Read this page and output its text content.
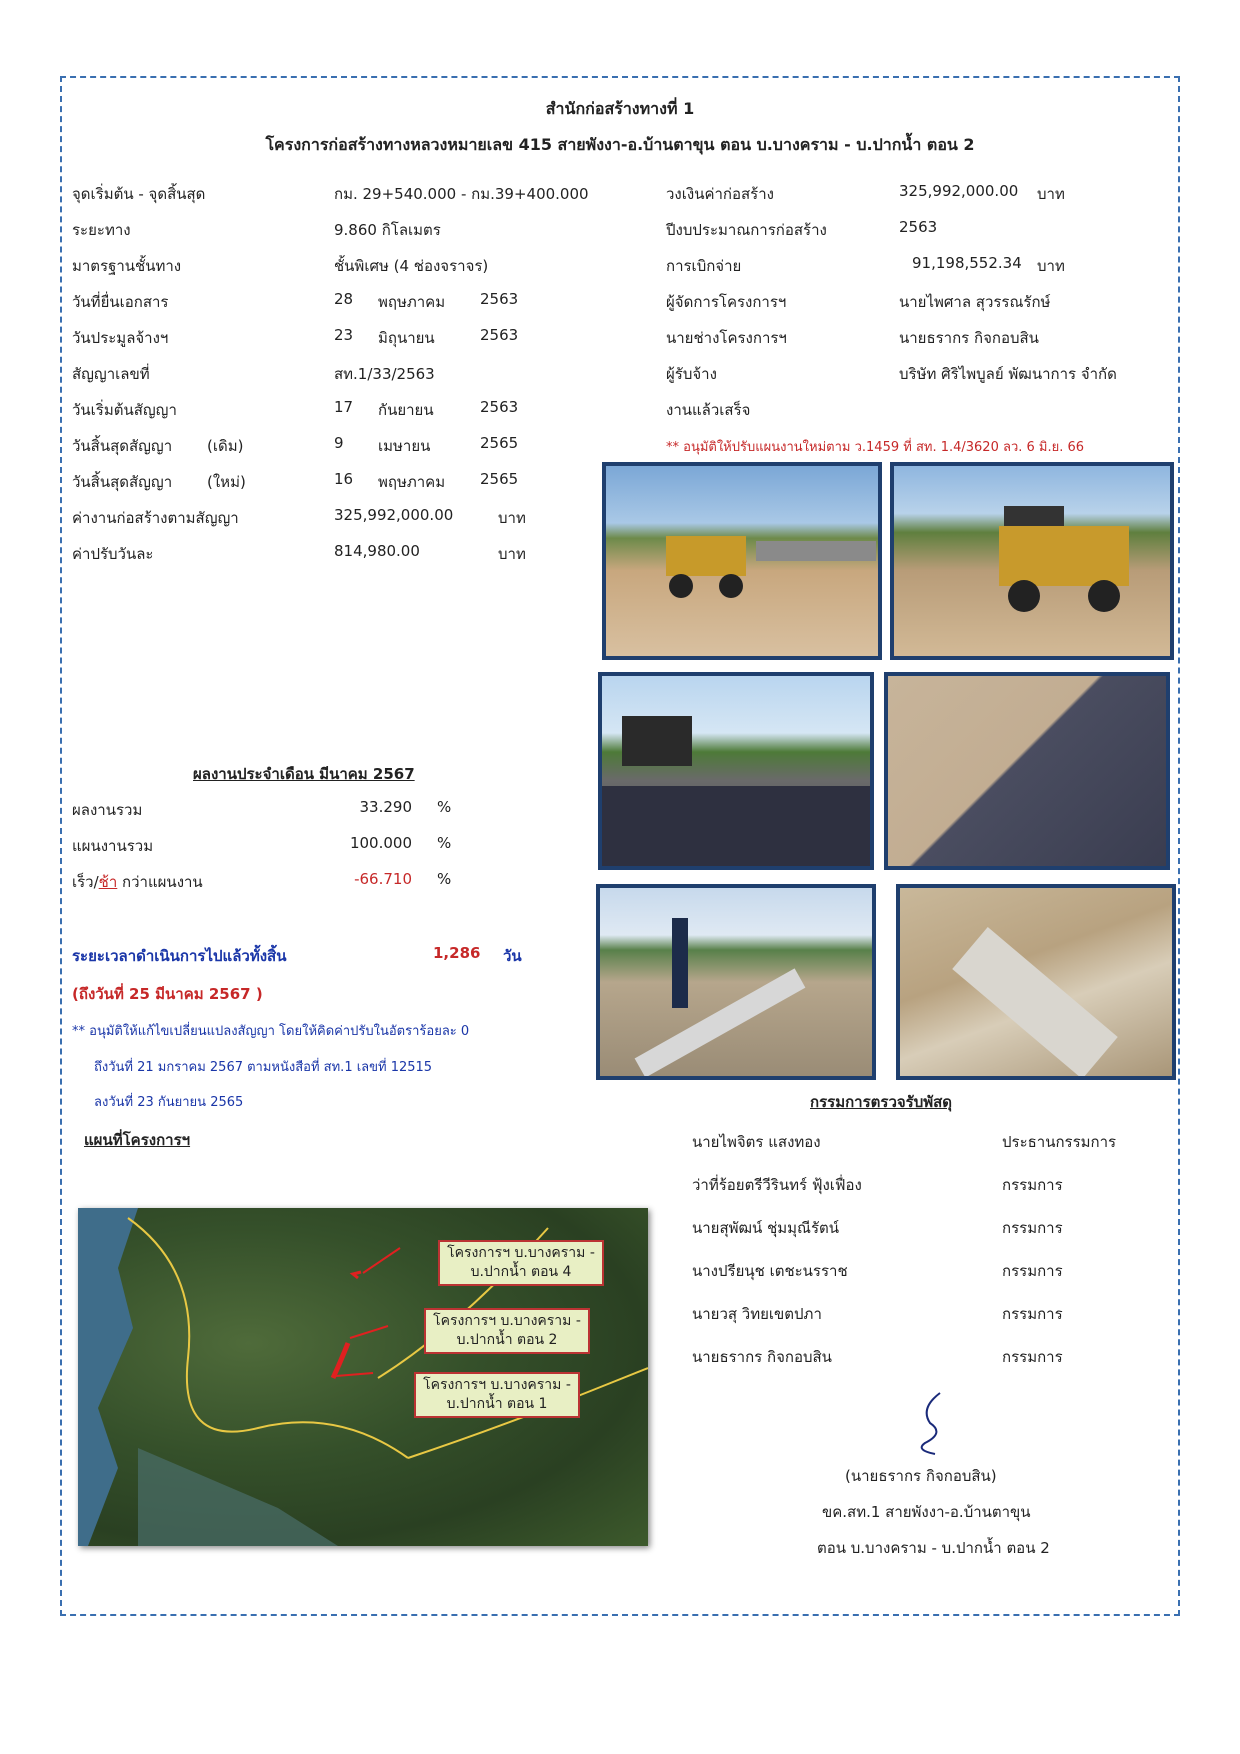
สำนักก่อสร้างทางที่ 1
โครงการก่อสร้างทางหลวงหมายเลข 415 สายพังงา-อ.บ้านตาขุน ตอน บ.บางคราม - บ.ปากน้ำ ตอน 2
จุดเริ่มต้น - จุดสิ้นสุด	กม. 29+540.000 - กม.39+400.000
ระยะทาง	9.860 กิโลเมตร
มาตรฐานชั้นทาง	ชั้นพิเศษ (4 ช่องจราจร)
วันที่ยื่นเอกสาร	28 พฤษภาคม 2563
วันประมูลจ้างฯ	23 มิถุนายน	2563
สัญญาเลขที่	สท.1/33/2563
วันเริ่มต้นสัญญา	17 กันยายน	2563
วันสิ้นสุดสัญญา (เดิม)	9 เมษายน	2565
วันสิ้นสุดสัญญา (ใหม่)	16 พฤษภาคม 2565
ค่างานก่อสร้างตามสัญญา	325,992,000.00	บาท
ค่าปรับวันละ	814,980.00	บาท
วงเงินค่าก่อสร้าง	325,992,000.00 บาท
ปีงบประมาณการก่อสร้าง	2563
การเบิกจ่าย	91,198,552.34 บาท
ผู้จัดการโครงการฯ	นายไพศาล สุวรรณรักษ์
นายช่างโครงการฯ	นายธรากร กิจกอบสิน
ผู้รับจ้าง	บริษัท ศิริไพบูลย์ พัฒนาการ จำกัด
งานแล้วเสร็จ
** อนุมัติให้ปรับแผนงานใหม่ตาม ว.1459 ที่ สท. 1.4/3620 ลว. 6 มิ.ย. 66
ผลงานประจำเดือน มีนาคม 2567
ผลงานรวม	33.290 %
แผนงานรวม	100.000 %
เร็ว/ช้า กว่าแผนงาน	-66.710 %
ระยะเวลาดำเนินการไปแล้วทั้งสิ้น	1,286 วัน
(ถึงวันที่ 25 มีนาคม 2567 )
** อนุมัติให้แก้ไขเปลี่ยนแปลงสัญญา โดยให้คิดค่าปรับในอัตราร้อยละ 0
ถึงวันที่ 21 มกราคม 2567 ตามหนังสือที่ สท.1 เลขที่ 12515
ลงวันที่ 23 กันยายน 2565
แผนที่โครงการฯ
โครงการฯ บ.บางคราม - บ.ปากน้ำ ตอน 4
โครงการฯ บ.บางคราม - บ.ปากน้ำ ตอน 2
โครงการฯ บ.บางคราม - บ.ปากน้ำ ตอน 1
กรรมการตรวจรับพัสดุ
นายไพจิตร แสงทอง	ประธานกรรมการ
ว่าที่ร้อยตรีวีรินทร์ ฟุ้งเฟื่อง	กรรมการ
นายสุพัฒน์ ชุ่มมุณีรัตน์	กรรมการ
นางปรียนุช เตชะนรราช	กรรมการ
นายวสุ วิทยเขตปภา	กรรมการ
นายธรากร กิจกอบสิน	กรรมการ
(นายธรากร กิจกอบสิน)
ขค.สท.1 สายพังงา-อ.บ้านตาขุน
ตอน บ.บางคราม - บ.ปากน้ำ ตอน 2
